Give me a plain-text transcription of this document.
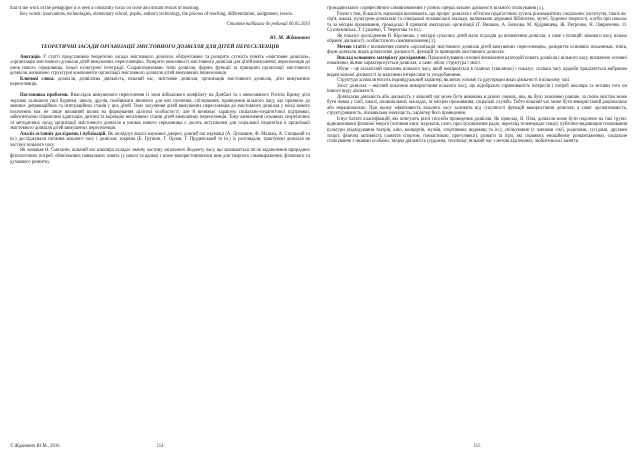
that is the work of the pedagogue it is seen a constantly focus on close and distant results of learning.

Key words: innovations, technologies, elementary school, pupils, author's technology, the process of teaching, differentiation, assignment, lesson.

Стаття надійшла до редакції 06.05.2016

Ю. М. Жданович

ТЕОРЕТИЧНІ ЗАСАДИ ОРГАНІЗАЦІЇ ЗМІСТОВНОГО ДОЗВІЛЛЯ ДЛЯ ДІТЕЙ ПЕРЕСЕЛЕНЦІВ

Анотація. У статті представлено теоретичні засади змістовного дозвілля, обґрунтовано та розкрито сутність понять «змістовне дозвілля», «організація змістовного дозвілля дітей вимушених переселенців». Розкрито можливості змістовного дозвілля для дітей вимушених переселенців до умов нового середовища, їхньої культурної інтеграції. Схарактеризовано типи дозвілля, форми, функції та принципи організації змістовного дозвілля, визначено структурні компоненти організації змістовного дозвілля дітей вимушених переселенців.

Ключові слова: дозвілля, дозвіллєва діяльність, вільний час, змістовне дозвілля, організація змістовного дозвілля, діти вимушених переселенців.

Постановка проблеми. Внаслідок вимушеного переселення із зони військового конфлікту на Донбасі та з анексованого Росією Криму діти змушені залишити свої будинки, школу, друзів, пообвикати звичного для них оточення, спілкування, проведення вільного часу, що призвело до значних деприваційних та інтеграційних станів у цих дітей. Тому залучення дітей вимушених переселенців до змістовного дозвілля у місці нового поселення має не лише виховний вплив на формування цілісної особистості, але й визначає характер соціально-педагогічної підтримки, забезпечуючи сприятливі адаптацію дитини та корекцію негативних станів дітей вимушених переселенців. Тому визначення основних теоретичних та методичних засад організації змістовного дозвілля в умовах нового середовища є досить актуальним для соціальної педагогіки в організації змістовного дозвілля дітей вимушених переселенців.

Аналіз останніх досліджень і публікацій. Як засвідчує аналіз наукових джерел, довгий час науковці (А. Лучковим, Ф. Малька, А. Спицький та ін.) досліджували питання вільного часу і дозвілля, зокрема (Б. Грушин, Г. Орлов, Г. Пруденський та ін.) їх розглядали, трактуючи дозвілля як частину вільного часу.

Як зазначав Н. Сметанін, вільний час школяра складає значну частину загального бюджету часу, що залишається після задоволення природних фізіологічних потреб, обов'язкових навчальних занять (у школі та вдома) і може використовуватися ним для творчого самовираження, фізичного та духовного розвитку.

© Жданович Ю.М., 2016	114

громадянського і професійного самовизначення у різних сферах вільної діяльності вільного спілкування [5].

Разом з тим, більшість науковців визначають, що процес дозвілля є об'єктом педагогічних зусиль різноманітних соціальних інститутів, таких як: сім'я, школа, культурно-дозвіллєві та спеціальні позашкільні заклади, включаючи державні бібліотеки, музеї, будинки творчості, клуби при школах та за місцем проживання, громадські й приватні аматорські організації (Г. Вишков, А. Бочкова, М. Кудрявцева, Ж. Петрочко, Н. Лавриченко, О. Сухомлинська, Т. Сущенко, Т. Чернігова та ін.).

Як показує дослідження В. Кірсанова, у вихідні сучасних дітей мало підходів до визначення дозвілля, а саме з позицій: вільного часу, вільно обраної діяльності, особистісного самовизначення [1].

Метою статті є визначення понять «організація змістовного дозвілля дітей вимушених переселенців», розкриття основних показників, типів, форм дозвілля, видів дозвіллєвої діяльності, функцій та принципів змістовного дозвілля.

Виклад основного матеріалу дослідження. Проаналізувавши основні визначення категорій понять дозвілля і вільного часу, визначено основні показники, якими характеризується дозвілля, а саме: обсяг, структура і зміст.

Обсяг – це кількісний показник вільного часу, який вимірюється в годинах (хвилинах) і показує, скільки часу щодоби приділяється вибраним видам вільної діяльності за власними інтересами та уподобаннями.

Структура дозвілля носить індивідуальний характер, включає головні та другорядні види діяльності в вільному часі.

Зміст дозвілля – якісний показник використання вільного часу, що відображає спрямованість інтересів і потреб школяра та мотиви того чи іншого виду діяльності.

Дозвіллєва діяльність або діяльність у вільний час може бути виконана в різних умовах, яка, як було зазначено раніше, за своїм змістом може бути повна у сім'ї, школі, позашкільних закладах, за місцем проживання, соціальні служби. Тобто вільний час може бути використаний раціонально або нераціонально. При цьому ефективність вільного часу залежить від сукупності функцій використання дозвілля, а саме: організованість, структурованість, пізнавальна значущість, характер його проведення.

Існує багато класифікацій, які описують різні способи проведення дозвілля. Як приклад, В. Піча, дозвілля може бути поділено на такі групи: відновлюваної фізичної енергії (читання книг, журналів, газет, прослуховування радіо, перегляд телепередач тощо); публічно-видовищне споживання культури (відвідування театрів, кіно, концертів, музеїв, спортивних видовищ та ін.); спілкування (з членами сім'ї, родичами, сусідами, друзями тощо); фізична активність (заняття спортом, гімнастикою, прогулянки); розваги та ігри, які сприяють емоційному розвантаженню, соціальне спілкування з іншими особами, творча діяльність (художня, технічна); вільний час з метою відпочинку, любительські заняття.

115
